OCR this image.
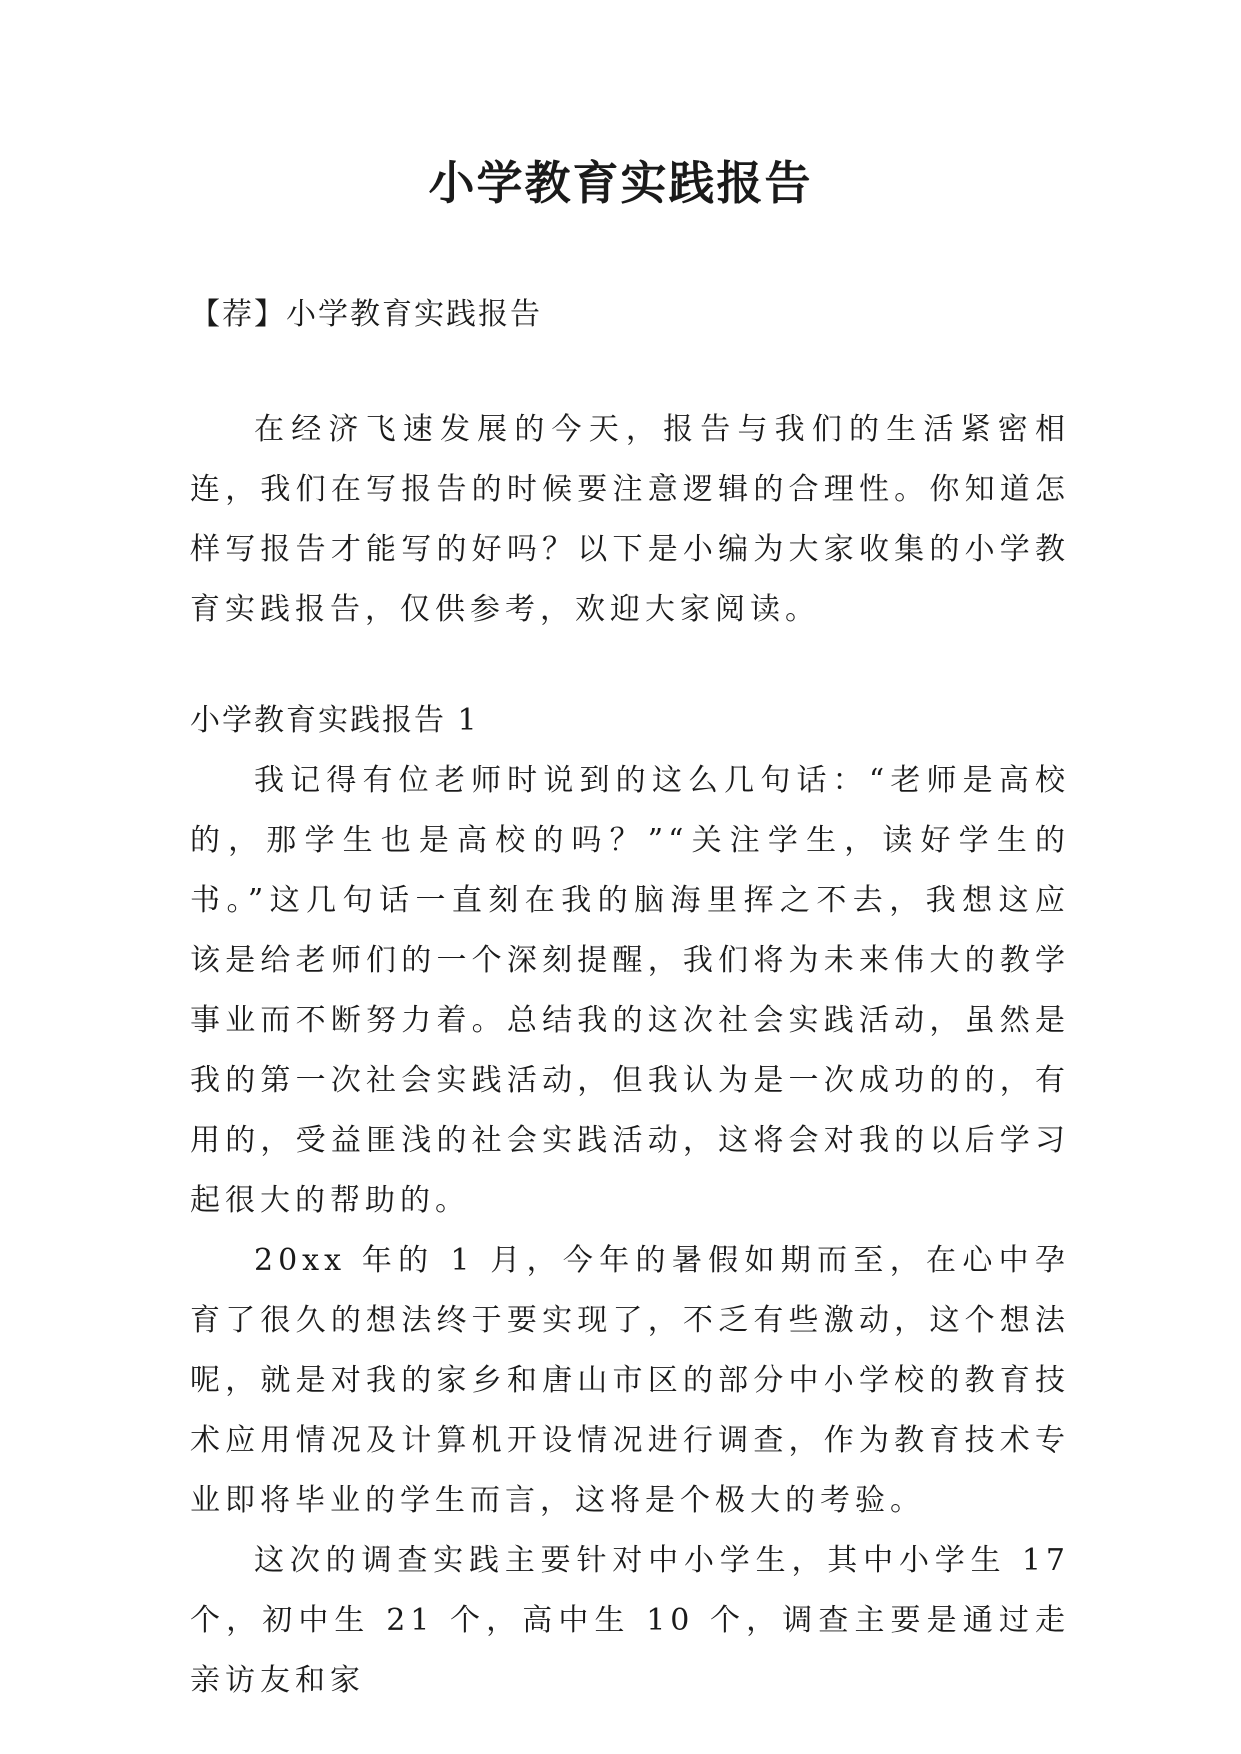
小学教育实践报告

【荐】小学教育实践报告

在经济飞速发展的今天，报告与我们的生活紧密相连，我们在写报告的时候要注意逻辑的合理性。你知道怎样写报告才能写的好吗？以下是小编为大家收集的小学教育实践报告，仅供参考，欢迎大家阅读。

小学教育实践报告 1
我记得有位老师时说到的这么几句话：“老师是高校的，那学生也是高校的吗？”“关注学生，读好学生的书。”这几句话一直刻在我的脑海里挥之不去，我想这应该是给老师们的一个深刻提醒，我们将为未来伟大的教学事业而不断努力着。总结我的这次社会实践活动，虽然是我的第一次社会实践活动，但我认为是一次成功的的，有用的，受益匪浅的社会实践活动，这将会对我的以后学习起很大的帮助的。
20xx 年的 1 月，今年的暑假如期而至，在心中孕育了很久的想法终于要实现了，不乏有些激动，这个想法呢，就是对我的家乡和唐山市区的部分中小学校的教育技术应用情况及计算机开设情况进行调查，作为教育技术专业即将毕业的学生而言，这将是个极大的考验。
这次的调查实践主要针对中小学生，其中小学生 17 个，初中生 21 个，高中生 10 个，调查主要是通过走亲访友和家
